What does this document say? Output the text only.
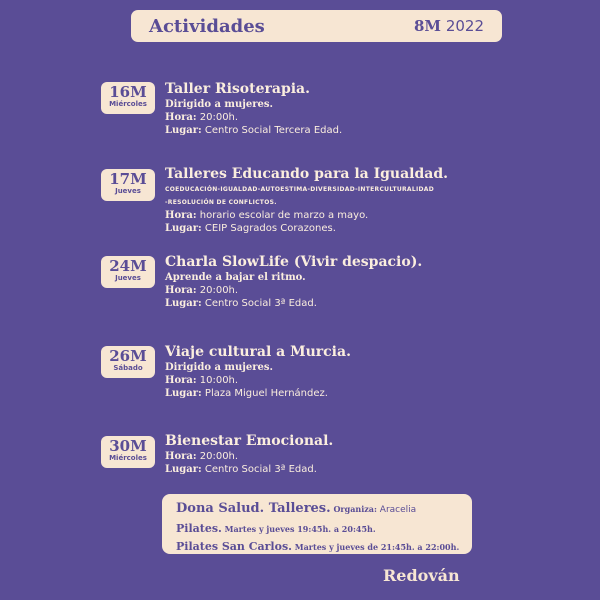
Actividades	8M 2022
16M
Miércoles
Taller Risoterapia.
Dirigido a mujeres.
Hora: 20:00h.
Lugar: Centro Social Tercera Edad.
17M
Jueves
Talleres Educando para la Igualdad.
COEDUCACIÓN-IGUALDAD-AUTOESTIMA-DIVERSIDAD-INTERCULTURALIDAD
-RESOLUCIÓN DE CONFLICTOS.
Hora: horario escolar de marzo a mayo.
Lugar: CEIP Sagrados Corazones.
24M
Jueves
Charla SlowLife (Vivir despacio).
Aprende a bajar el ritmo.
Hora: 20:00h.
Lugar: Centro Social 3ª Edad.
26M
Sábado
Viaje cultural a Murcia.
Dirigido a mujeres.
Hora: 10:00h.
Lugar: Plaza Miguel Hernández.
30M
Miércoles
Bienestar Emocional.
Hora: 20:00h.
Lugar: Centro Social 3ª Edad.
Dona Salud. Talleres. Organiza: Aracelia
Pilates. Martes y jueves 19:45h. a 20:45h.
Pilates San Carlos. Martes y jueves de 21:45h. a 22:00h.
Redován
